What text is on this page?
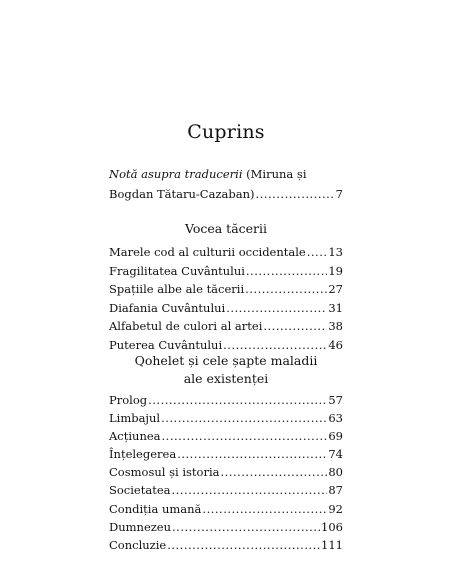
Cuprins
Notă asupra traducerii (Miruna și
Bogdan Tătaru-Cazaban) .....	7
Vocea tăcerii
Marele cod al culturii occidentale ..... 13
Fragilitatea Cuvântului .....	19
Spațiile albe ale tăcerii .....	27
Diafania Cuvântului .....	31
Alfabetul de culori al artei .....	38
Puterea Cuvântului .....	46
Qohelet și cele șapte maladii
ale existenței
Prolog .....	57
Limbajul .....	63
Acțiunea .....	69
Înțelegerea .....	74
Cosmosul și istoria .....	80
Societatea .....	87
Condiția umană .....	92
Dumnezeu .....	106
Concluzie .....	111
